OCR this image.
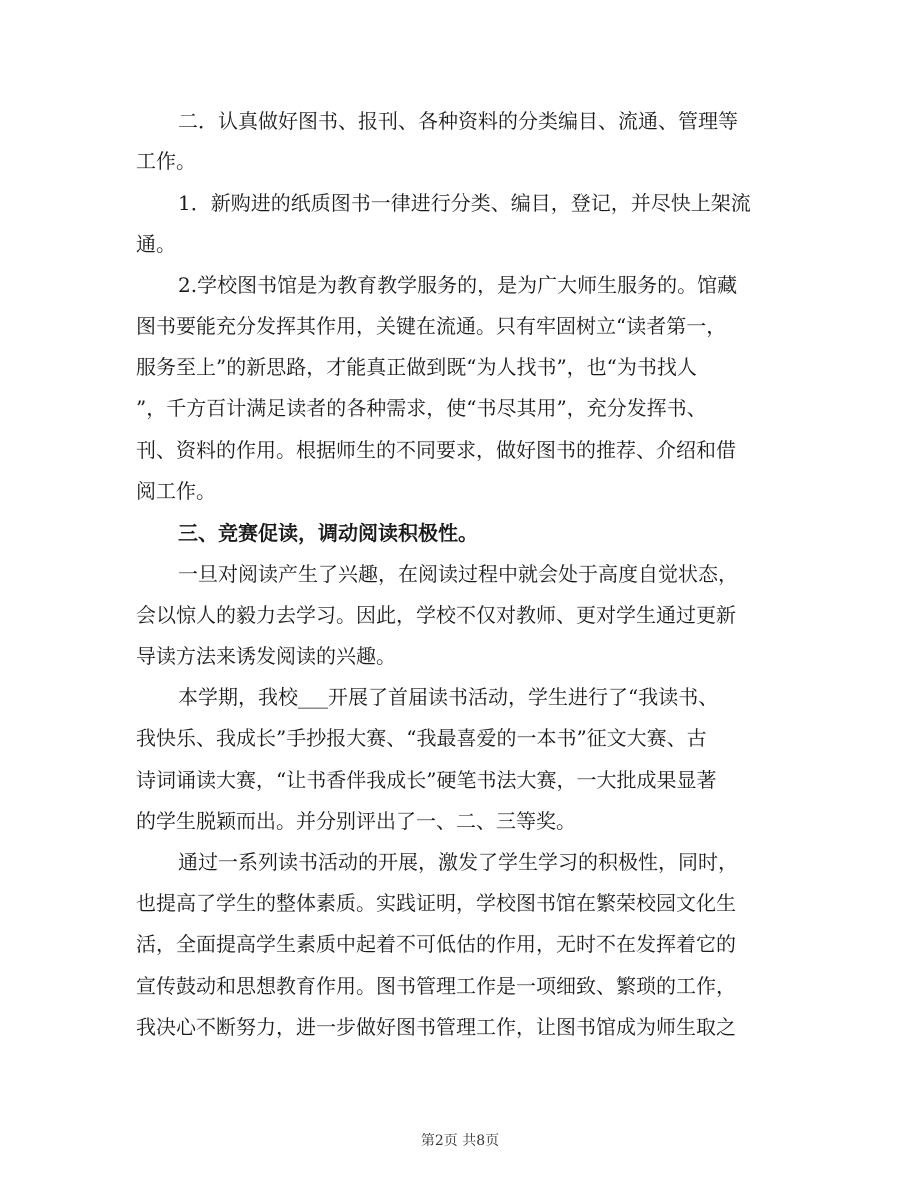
二．认真做好图书、报刊、各种资料的分类编目、流通、管理等
工作。
1．新购进的纸质图书一律进行分类、编目，登记，并尽快上架流
通。
2.学校图书馆是为教育教学服务的，是为广大师生服务的。馆藏
图书要能充分发挥其作用，关键在流通。只有牢固树立“读者第一，
服务至上”的新思路，才能真正做到既“为人找书”，也“为书找人
”，千方百计满足读者的各种需求，使“书尽其用”，充分发挥书、
刊、资料的作用。根据师生的不同要求，做好图书的推荐、介绍和借
阅工作。
三、竞赛促读，调动阅读积极性。
一旦对阅读产生了兴趣，在阅读过程中就会处于高度自觉状态，
会以惊人的毅力去学习。因此，学校不仅对教师、更对学生通过更新
导读方法来诱发阅读的兴趣。
本学期，我校___开展了首届读书活动，学生进行了“我读书、
我快乐、我成长”手抄报大赛、“我最喜爱的一本书”征文大赛、古
诗词诵读大赛，“让书香伴我成长”硬笔书法大赛，一大批成果显著
的学生脱颖而出。并分别评出了一、二、三等奖。
通过一系列读书活动的开展，激发了学生学习的积极性，同时，
也提高了学生的整体素质。实践证明，学校图书馆在繁荣校园文化生
活，全面提高学生素质中起着不可低估的作用，无时不在发挥着它的
宣传鼓动和思想教育作用。图书管理工作是一项细致、繁琐的工作，
我决心不断努力，进一步做好图书管理工作，让图书馆成为师生取之
第2页 共8页
